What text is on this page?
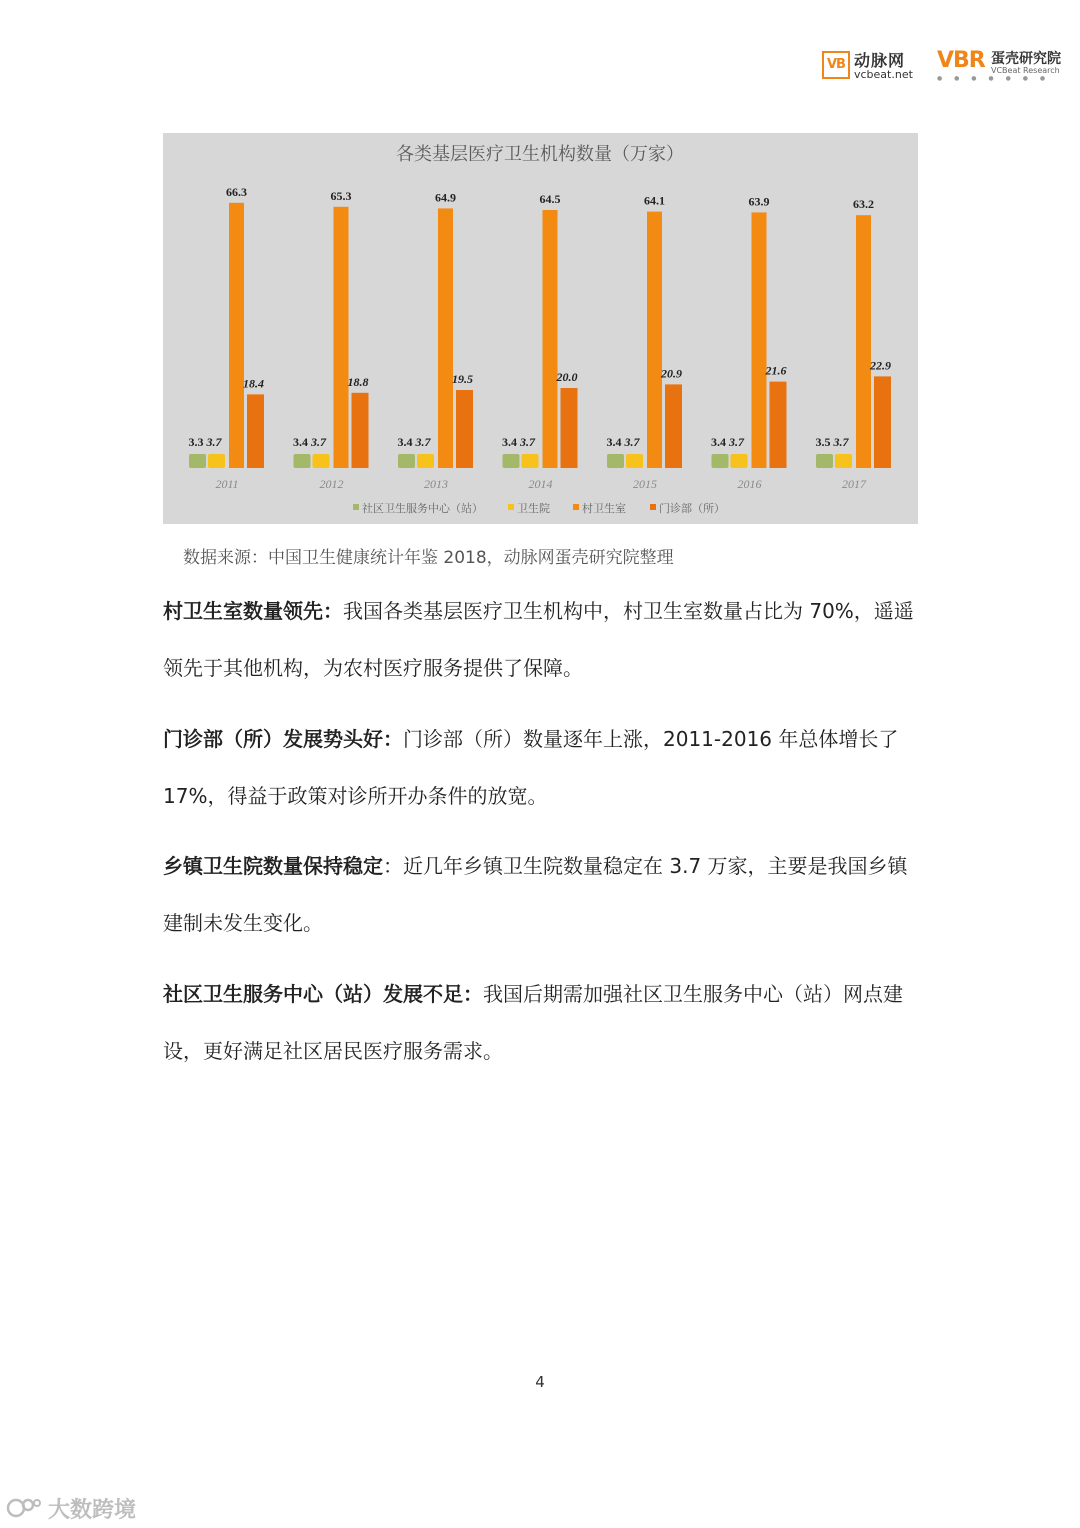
VB 动脉网
vcbeat.net
VBR 蛋壳研究院
VCBeat Research
● ● ● ● ● ● ●
各类基层医疗卫生机构数量（万家）
3.3 3.7
66.3
18.4
2011
3.4 3.7
65.3
18.8
2012
3.4 3.7
64.9
19.5
2013
3.4 3.7
64.5
20.0
2014
3.4 3.7
64.1
20.9
2015
3.4 3.7
63.9
21.6
2016
3.5 3.7
63.2
22.9
2017
社区卫生服务中心（站）	卫生院	村卫生室	门诊部（所）
数据来源：中国卫生健康统计年鉴 2018，动脉网蛋壳研究院整理

村卫生室数量领先：我国各类基层医疗卫生机构中，村卫生室数量占比为 70%，遥遥领先于其他机构，为农村医疗服务提供了保障。

门诊部（所）发展势头好：门诊部（所）数量逐年上涨，2011-2016 年总体增长了 17%，得益于政策对诊所开办条件的放宽。

乡镇卫生院数量保持稳定：近几年乡镇卫生院数量稳定在 3.7 万家，主要是我国乡镇建制未发生变化。

社区卫生服务中心（站）发展不足：我国后期需加强社区卫生服务中心（站）网点建设，更好满足社区居民医疗服务需求。

4
大数跨境
